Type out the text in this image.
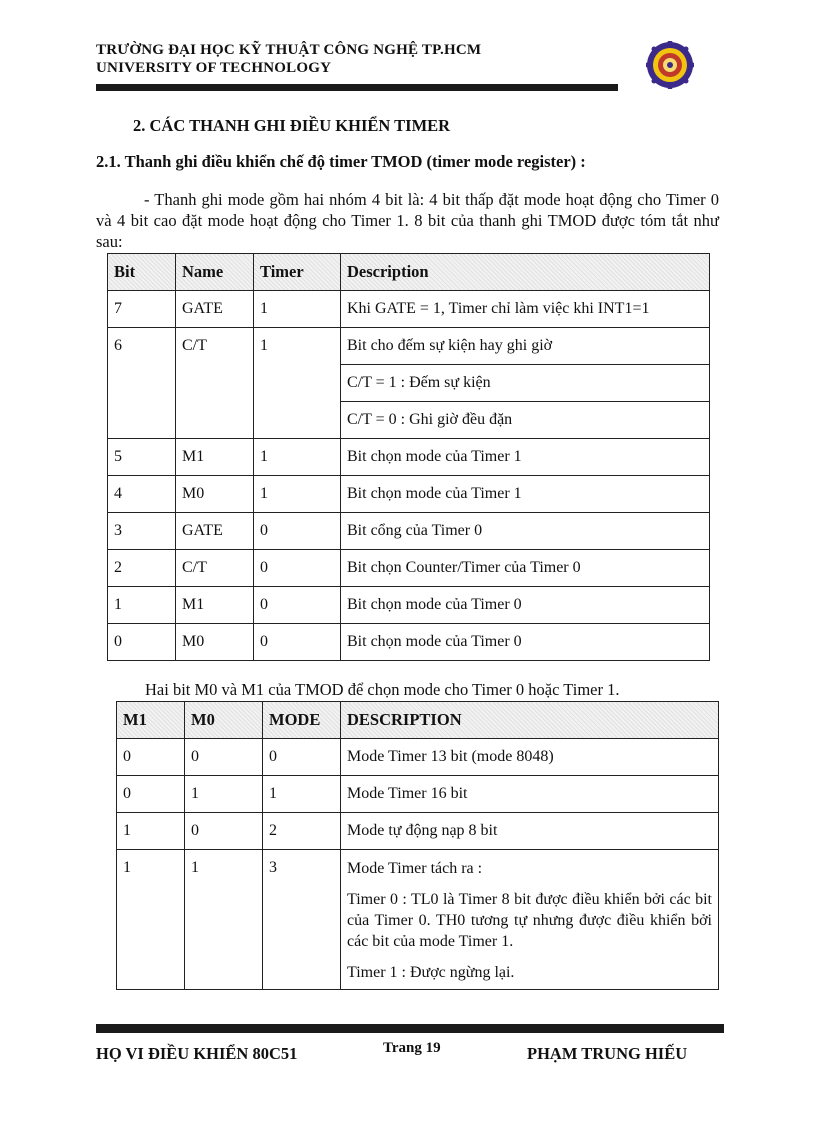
TRƯỜNG ĐẠI HỌC KỸ THUẬT CÔNG NGHỆ TP.HCM
UNIVERSITY OF TECHNOLOGY
2. CÁC THANH GHI ĐIỀU KHIỂN TIMER
2.1. Thanh ghi điều khiển chế độ timer TMOD (timer mode register) :
- Thanh ghi mode gồm hai nhóm 4 bit là: 4 bit thấp đặt mode hoạt động cho Timer 0 và 4 bit cao đặt mode hoạt động cho Timer 1. 8 bit của thanh ghi TMOD được tóm tắt như sau:
Bit	Name	Timer	Description
7	GATE	1	Khi GATE = 1, Timer chỉ làm việc khi INT1=1
6	C/T	1	Bit cho đếm sự kiện hay ghi giờ
			C/T = 1 : Đếm sự kiện
			C/T = 0 : Ghi giờ đều đặn
5	M1	1	Bit chọn mode của Timer 1
4	M0	1	Bit chọn mode của Timer 1
3	GATE	0	Bit cổng của Timer 0
2	C/T	0	Bit chọn Counter/Timer của Timer 0
1	M1	0	Bit chọn mode của Timer 0
0	M0	0	Bit chọn mode của Timer 0
Hai bit M0 và M1 của TMOD để chọn mode cho Timer 0 hoặc Timer 1.
M1	M0	MODE	DESCRIPTION
0	0	0	Mode Timer 13 bit (mode 8048)
0	1	1	Mode Timer 16 bit
1	0	2	Mode tự động nạp 8 bit
1	1	3	Mode Timer tách ra :
Timer 0 : TL0 là Timer 8 bit được điều khiển bởi các bit của Timer 0. TH0 tương tự nhưng được điều khiển bởi các bit của mode Timer 1.
Timer 1 : Được ngừng lại.
HỌ VI ĐIỀU KHIỂN 80C51	Trang 19	PHẠM TRUNG HIẾU
